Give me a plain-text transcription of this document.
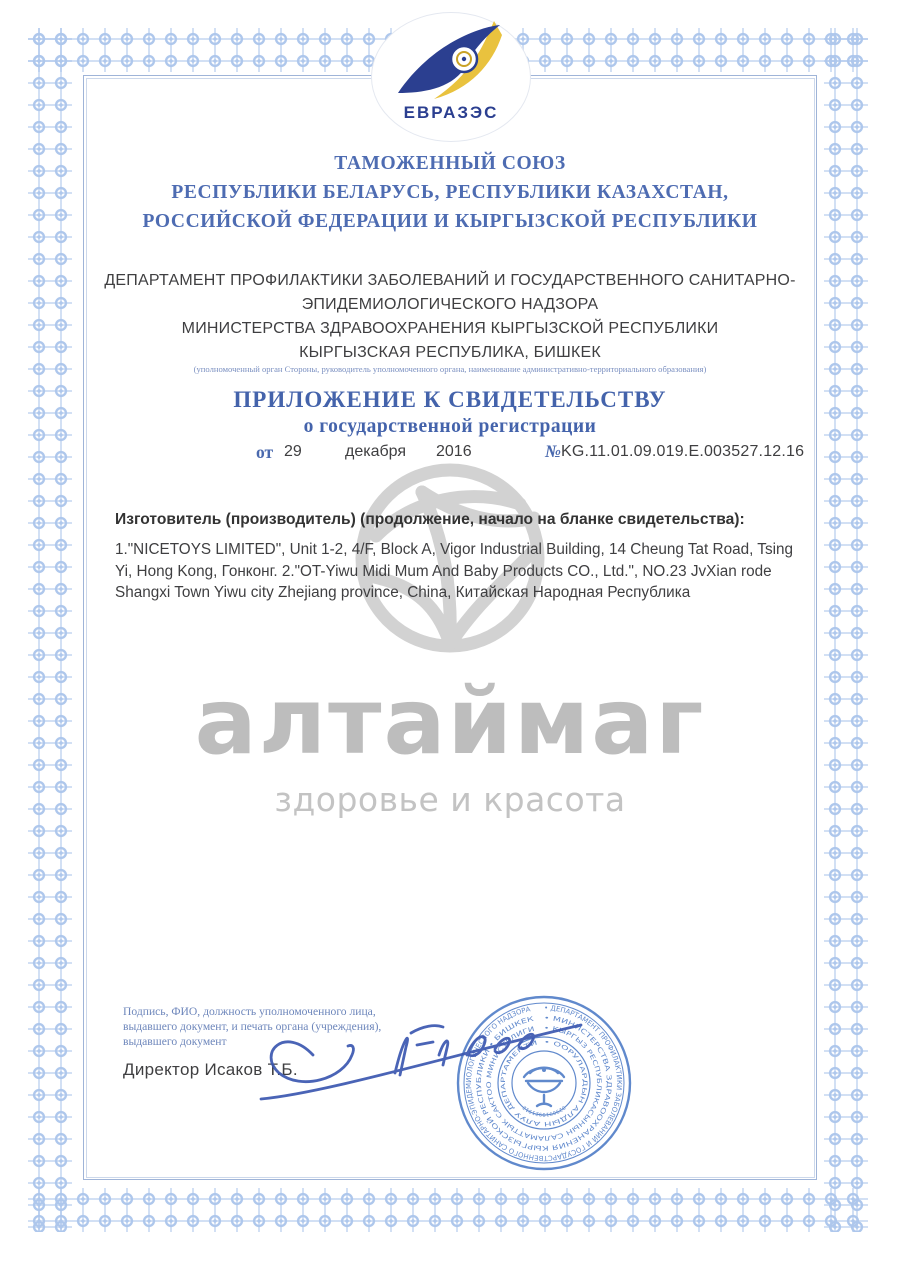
алтаймаг
здоровье и красота
ЕВРАЗЭС
ТАМОЖЕННЫЙ СОЮЗ
РЕСПУБЛИКИ БЕЛАРУСЬ, РЕСПУБЛИКИ КАЗАХСТАН,
РОССИЙСКОЙ ФЕДЕРАЦИИ И КЫРГЫЗСКОЙ РЕСПУБЛИКИ
ДЕПАРТАМЕНТ ПРОФИЛАКТИКИ ЗАБОЛЕВАНИЙ И ГОСУДАРСТВЕННОГО САНИТАРНО-
ЭПИДЕМИОЛОГИЧЕСКОГО НАДЗОРА
МИНИСТЕРСТВА ЗДРАВООХРАНЕНИЯ КЫРГЫЗСКОЙ РЕСПУБЛИКИ
КЫРГЫЗСКАЯ РЕСПУБЛИКА, БИШКЕК
(уполномоченный орган Стороны, руководитель уполномоченного органа, наименование административно-территориального образования)
ПРИЛОЖЕНИЕ К СВИДЕТЕЛЬСТВУ
о государственной регистрации
от 29	декабря 2016	№ KG.11.01.09.019.E.003527.12.16
Изготовитель (производитель) (продолжение, начало на бланке свидетельства):
1."NICETOYS LIMITED", Unit 1-2, 4/F, Block A, Vigor Industrial Building, 14 Cheung Tat Road, Tsing Yi, Hong Kong, Гонконг. 2."OT-Yiwu Midi Mum And Baby Products CO., Ltd.", NO.23 JvXian rode Shangxi Town Yiwu city Zhejiang province, China, Китайская Народная Республика
Подпись, ФИО, должность уполномоченного лица,
выдавшего документ, и печать органа (учреждения),
выдавшего документ
Директор Исаков Т.Б.
• ДЕПАРТАМЕНТ ПРОФИЛАКТИКИ ЗАБОЛЕВАНИЙ И ГОСУДАРСТВЕННОГО САНИТАРНО-ЭПИДЕМИОЛОГИЧЕСКОГО НАДЗОРА
• МИНИСТЕРСТВА ЗДРАВООХРАНЕНИЯ КЫРГЫЗСКОЙ РЕСПУБЛИКИ • БИШКЕК
• КЫРГЫЗ РЕСПУБЛИКАСЫНЫН САЛАМАТТЫК САКТОО МИНИСТРЛИГИ
• ООРУЛАРДЫН АЛДЫН АЛУУ ДЕПАРТАМЕНТИ
0290919921912
